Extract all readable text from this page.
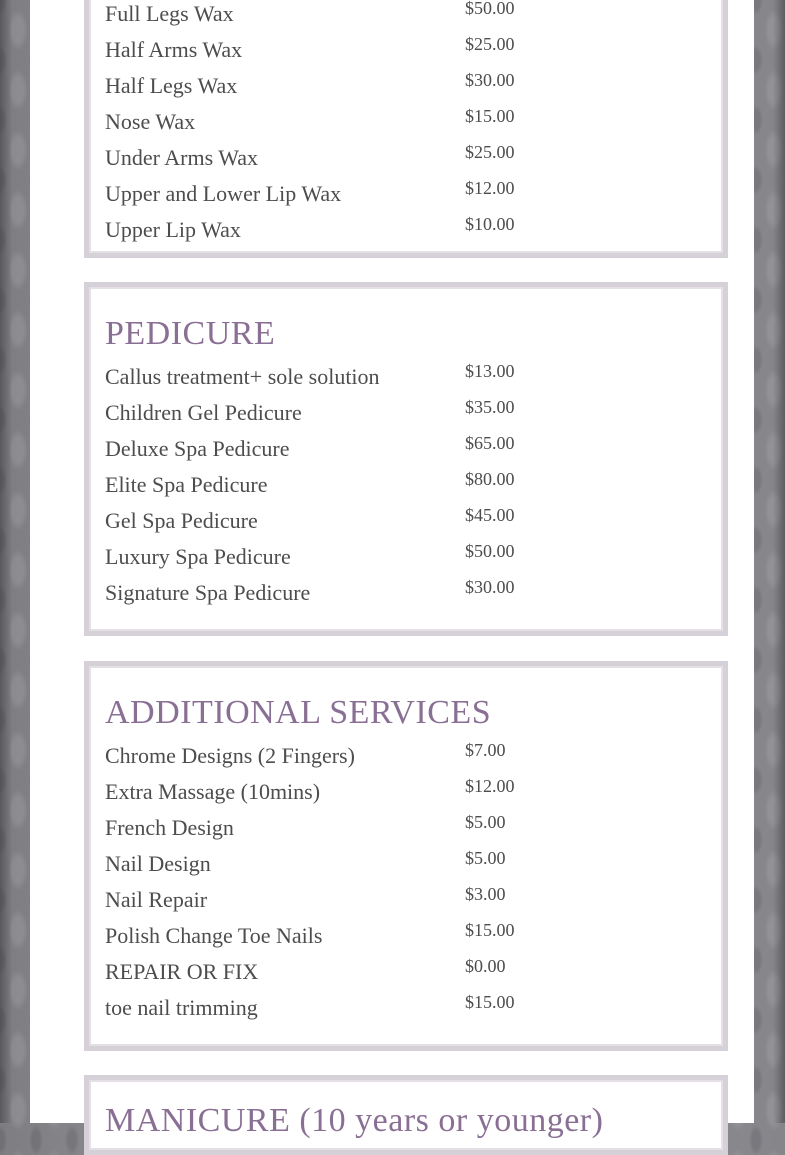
Full Legs Wax	$50.00
Half Arms Wax	$25.00
Half Legs Wax	$30.00
Nose Wax	$15.00
Under Arms Wax	$25.00
Upper and Lower Lip Wax	$12.00
Upper Lip Wax	$10.00
PEDICURE
Callus treatment+ sole solution	$13.00
Children Gel Pedicure	$35.00
Deluxe Spa Pedicure	$65.00
Elite Spa Pedicure	$80.00
Gel Spa Pedicure	$45.00
Luxury Spa Pedicure	$50.00
Signature Spa Pedicure	$30.00
ADDITIONAL SERVICES
Chrome Designs (2 Fingers)	$7.00
Extra Massage (10mins)	$12.00
French Design	$5.00
Nail Design	$5.00
Nail Repair	$3.00
Polish Change Toe Nails	$15.00
REPAIR OR FIX	$0.00
toe nail trimming	$15.00
MANICURE (10 years or younger)
